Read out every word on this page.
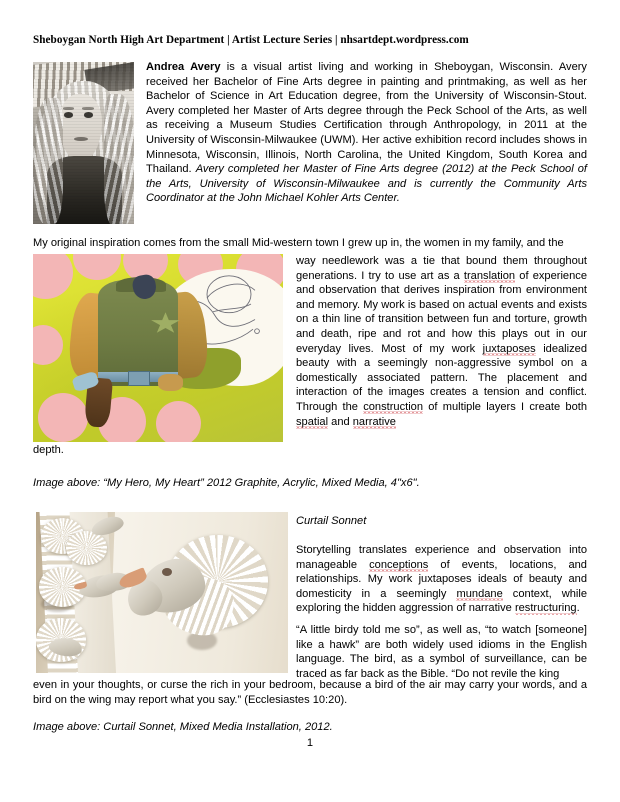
Sheboygan North High Art Department | Artist Lecture Series | nhsartdept.wordpress.com
Andrea Avery is a visual artist living and working in Sheboygan, Wisconsin. Avery received her Bachelor of Fine Arts degree in painting and printmaking, as well as her Bachelor of Science in Art Education degree, from the University of Wisconsin-Stout. Avery completed her Master of Arts degree through the Peck School of the Arts, as well as receiving a Museum Studies Certification through Anthropology, in 2011 at the University of Wisconsin-Milwaukee (UWM). Her active exhibition record includes shows in Minnesota, Wisconsin, Illinois, North Carolina, the United Kingdom, South Korea and Thailand. Avery completed her Master of Fine Arts degree (2012) at the Peck School of the Arts, University of Wisconsin-Milwaukee and is currently the Community Arts Coordinator at the John Michael Kohler Arts Center.
My original inspiration comes from the small Mid-western town I grew up in, the women in my family, and the
way needlework was a tie that bound them throughout generations. I try to use art as a translation of experience and observation that derives inspiration from environment and memory. My work is based on actual events and exists on a thin line of transition between fun and torture, growth and death, ripe and rot and how this plays out in our everyday lives. Most of my work juxtaposes idealized beauty with a seemingly non-aggressive symbol on a domestically associated pattern. The placement and interaction of the images creates a tension and conflict. Through the construction of multiple layers I create both spatial and narrative
depth.
Image above: “My Hero, My Heart” 2012 Graphite, Acrylic, Mixed Media, 4"x6".
Curtail Sonnet
Storytelling translates experience and observation into manageable conceptions of events, locations, and relationships. My work juxtaposes ideals of beauty and domesticity in a seemingly mundane context, while exploring the hidden aggression of narrative restructuring.
“A little birdy told me so”, as well as, “to watch [someone] like a hawk” are both widely used idioms in the English language. The bird, as a symbol of surveillance, can be traced as far back as the Bible. “Do not revile the king
even in your thoughts, or curse the rich in your bedroom, because a bird of the air may carry your words, and a bird on the wing may report what you say.” (Ecclesiastes 10:20).
Image above: Curtail Sonnet, Mixed Media Installation, 2012.
1
